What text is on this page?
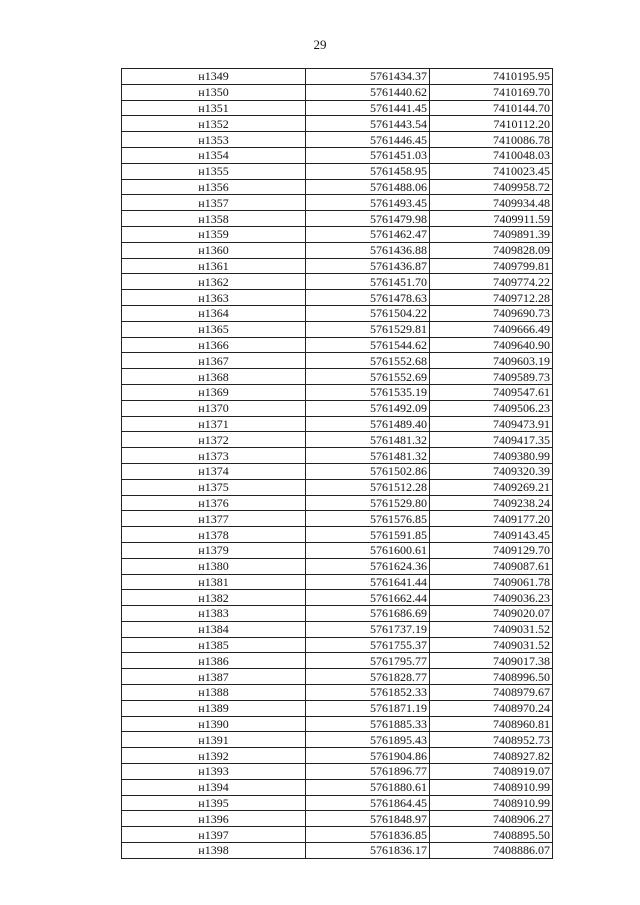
29
н1349	5761434.37	7410195.95
н1350	5761440.62	7410169.70
н1351	5761441.45	7410144.70
н1352	5761443.54	7410112.20
н1353	5761446.45	7410086.78
н1354	5761451.03	7410048.03
н1355	5761458.95	7410023.45
н1356	5761488.06	7409958.72
н1357	5761493.45	7409934.48
н1358	5761479.98	7409911.59
н1359	5761462.47	7409891.39
н1360	5761436.88	7409828.09
н1361	5761436.87	7409799.81
н1362	5761451.70	7409774.22
н1363	5761478.63	7409712.28
н1364	5761504.22	7409690.73
н1365	5761529.81	7409666.49
н1366	5761544.62	7409640.90
н1367	5761552.68	7409603.19
н1368	5761552.69	7409589.73
н1369	5761535.19	7409547.61
н1370	5761492.09	7409506.23
н1371	5761489.40	7409473.91
н1372	5761481.32	7409417.35
н1373	5761481.32	7409380.99
н1374	5761502.86	7409320.39
н1375	5761512.28	7409269.21
н1376	5761529.80	7409238.24
н1377	5761576.85	7409177.20
н1378	5761591.85	7409143.45
н1379	5761600.61	7409129.70
н1380	5761624.36	7409087.61
н1381	5761641.44	7409061.78
н1382	5761662.44	7409036.23
н1383	5761686.69	7409020.07
н1384	5761737.19	7409031.52
н1385	5761755.37	7409031.52
н1386	5761795.77	7409017.38
н1387	5761828.77	7408996.50
н1388	5761852.33	7408979.67
н1389	5761871.19	7408970.24
н1390	5761885.33	7408960.81
н1391	5761895.43	7408952.73
н1392	5761904.86	7408927.82
н1393	5761896.77	7408919.07
н1394	5761880.61	7408910.99
н1395	5761864.45	7408910.99
н1396	5761848.97	7408906.27
н1397	5761836.85	7408895.50
н1398	5761836.17	7408886.07
